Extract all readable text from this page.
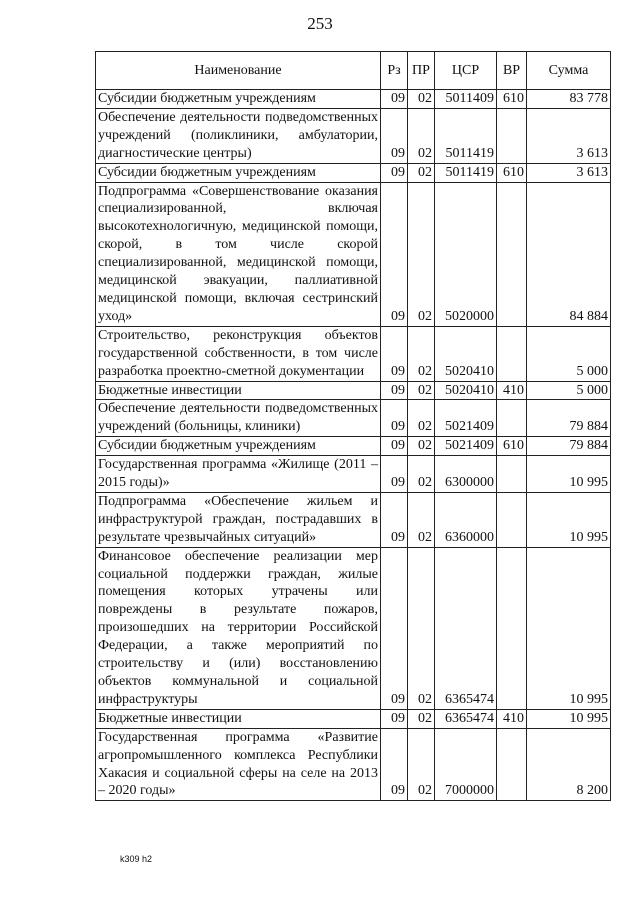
253
Наименование	Рз	ПР	ЦСР	ВР	Сумма
Субсидии бюджетным учреждениям	09	02	5011409	610	83 778
Обеспечение деятельности подведомственных учреждений (поликлиники, амбулатории, диагностические центры)	09	02	5011419		3 613
Субсидии бюджетным учреждениям	09	02	5011419	610	3 613
Подпрограмма «Совершенствование оказания специализированной, включая высокотехнологичную, медицинской помощи, скорой, в том числе скорой специализированной, медицинской помощи, медицинской эвакуации, паллиативной медицинской помощи, включая сестринский уход»	09	02	5020000		84 884
Строительство, реконструкция объектов государственной собственности, в том числе разработка проектно-сметной документации	09	02	5020410		5 000
Бюджетные инвестиции	09	02	5020410	410	5 000
Обеспечение деятельности подведомственных учреждений (больницы, клиники)	09	02	5021409		79 884
Субсидии бюджетным учреждениям	09	02	5021409	610	79 884
Государственная программа «Жилище (2011 – 2015 годы)»	09	02	6300000		10 995
Подпрограмма «Обеспечение жильем и инфраструктурой граждан, пострадавших в результате чрезвычайных ситуаций»	09	02	6360000		10 995
Финансовое обеспечение реализации мер социальной поддержки граждан, жилые помещения которых утрачены или повреждены в результате пожаров, произошедших на территории Российской Федерации, а также мероприятий по строительству и (или) восстановлению объектов коммунальной и социальной инфраструктуры	09	02	6365474		10 995
Бюджетные инвестиции	09	02	6365474	410	10 995
Государственная программа «Развитие агропромышленного комплекса Республики Хакасия и социальной сферы на селе на 2013 – 2020 годы»	09	02	7000000		8 200
k309 h2
